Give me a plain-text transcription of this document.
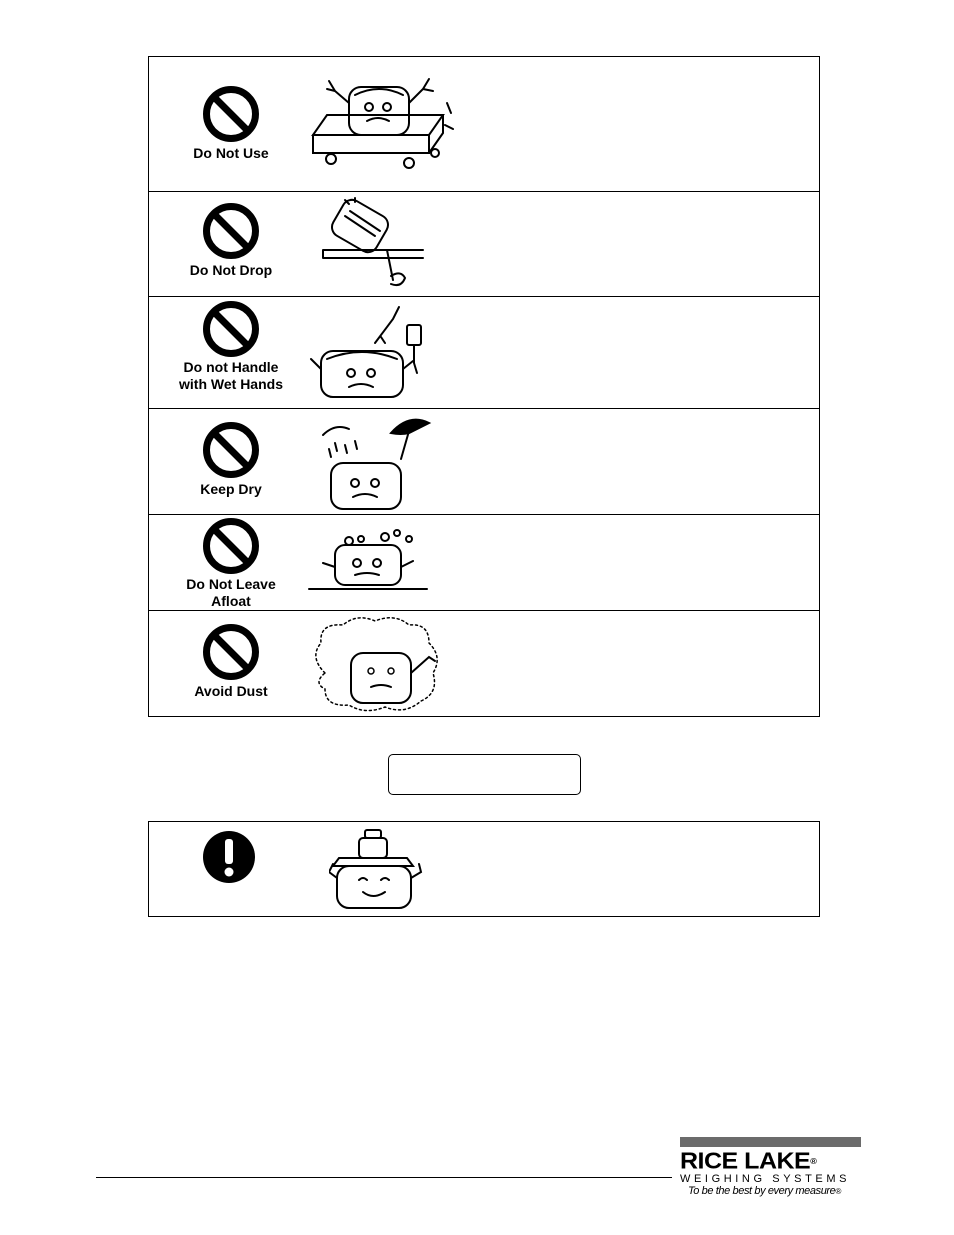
Do Not Use
Do Not Drop
Do not Handle
with Wet Hands
Keep Dry
Do Not Leave
Afloat
Avoid Dust
RICE LAKE®
WEIGHING SYSTEMS
To be the best by every measure®
